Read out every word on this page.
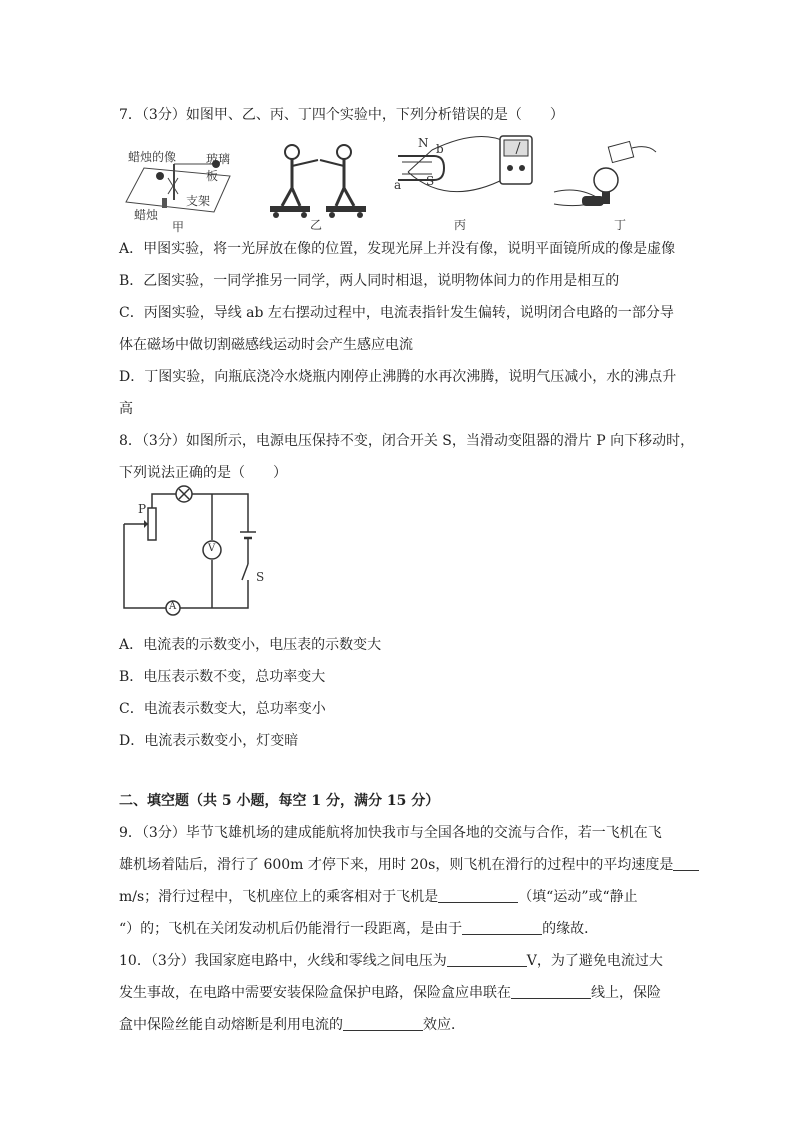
7．（3分）如图甲、乙、丙、丁四个实验中，下列分析错误的是（　　）
蜡烛的像 玻璃板
支架
蜡烛
甲	乙
N
S
a
b
丙	丁
A．甲图实验，将一光屏放在像的位置，发现光屏上并没有像，说明平面镜所成的像是虚像
B．乙图实验，一同学推另一同学，两人同时相退，说明物体间力的作用是相互的
C．丙图实验，导线 ab 左右摆动过程中，电流表指针发生偏转，说明闭合电路的一部分导
体在磁场中做切割磁感线运动时会产生感应电流
D．丁图实验，向瓶底浇冷水烧瓶内刚停止沸腾的水再次沸腾，说明气压减小，水的沸点升
高
8．（3分）如图所示，电源电压保持不变，闭合开关 S，当滑动变阻器的滑片 P 向下移动时，
下列说法正确的是（　　）
P
V
A
S
A．电流表的示数变小，电压表的示数变大
B．电压表示数不变，总功率变大
C．电流表示数变大，总功率变小
D．电流表示数变小，灯变暗
二、填空题（共 5 小题，每空 1 分，满分 15 分）
9．（3分）毕节飞雄机场的建成能航将加快我市与全国各地的交流与合作，若一飞机在飞
雄机场着陆后，滑行了 600m 才停下来，用时 20s，则飞机在滑行的过程中的平均速度是
m/s；滑行过程中，飞机座位上的乘客相对于飞机是	（填“运动”或“静止
“）的；飞机在关闭发动机后仍能滑行一段距离，是由于	的缘故．
10．（3分）我国家庭电路中，火线和零线之间电压为	V，为了避免电流过大
发生事故，在电路中需要安装保险盒保护电路，保险盒应串联在	线上，保险
盒中保险丝能自动熔断是利用电流的	效应．
